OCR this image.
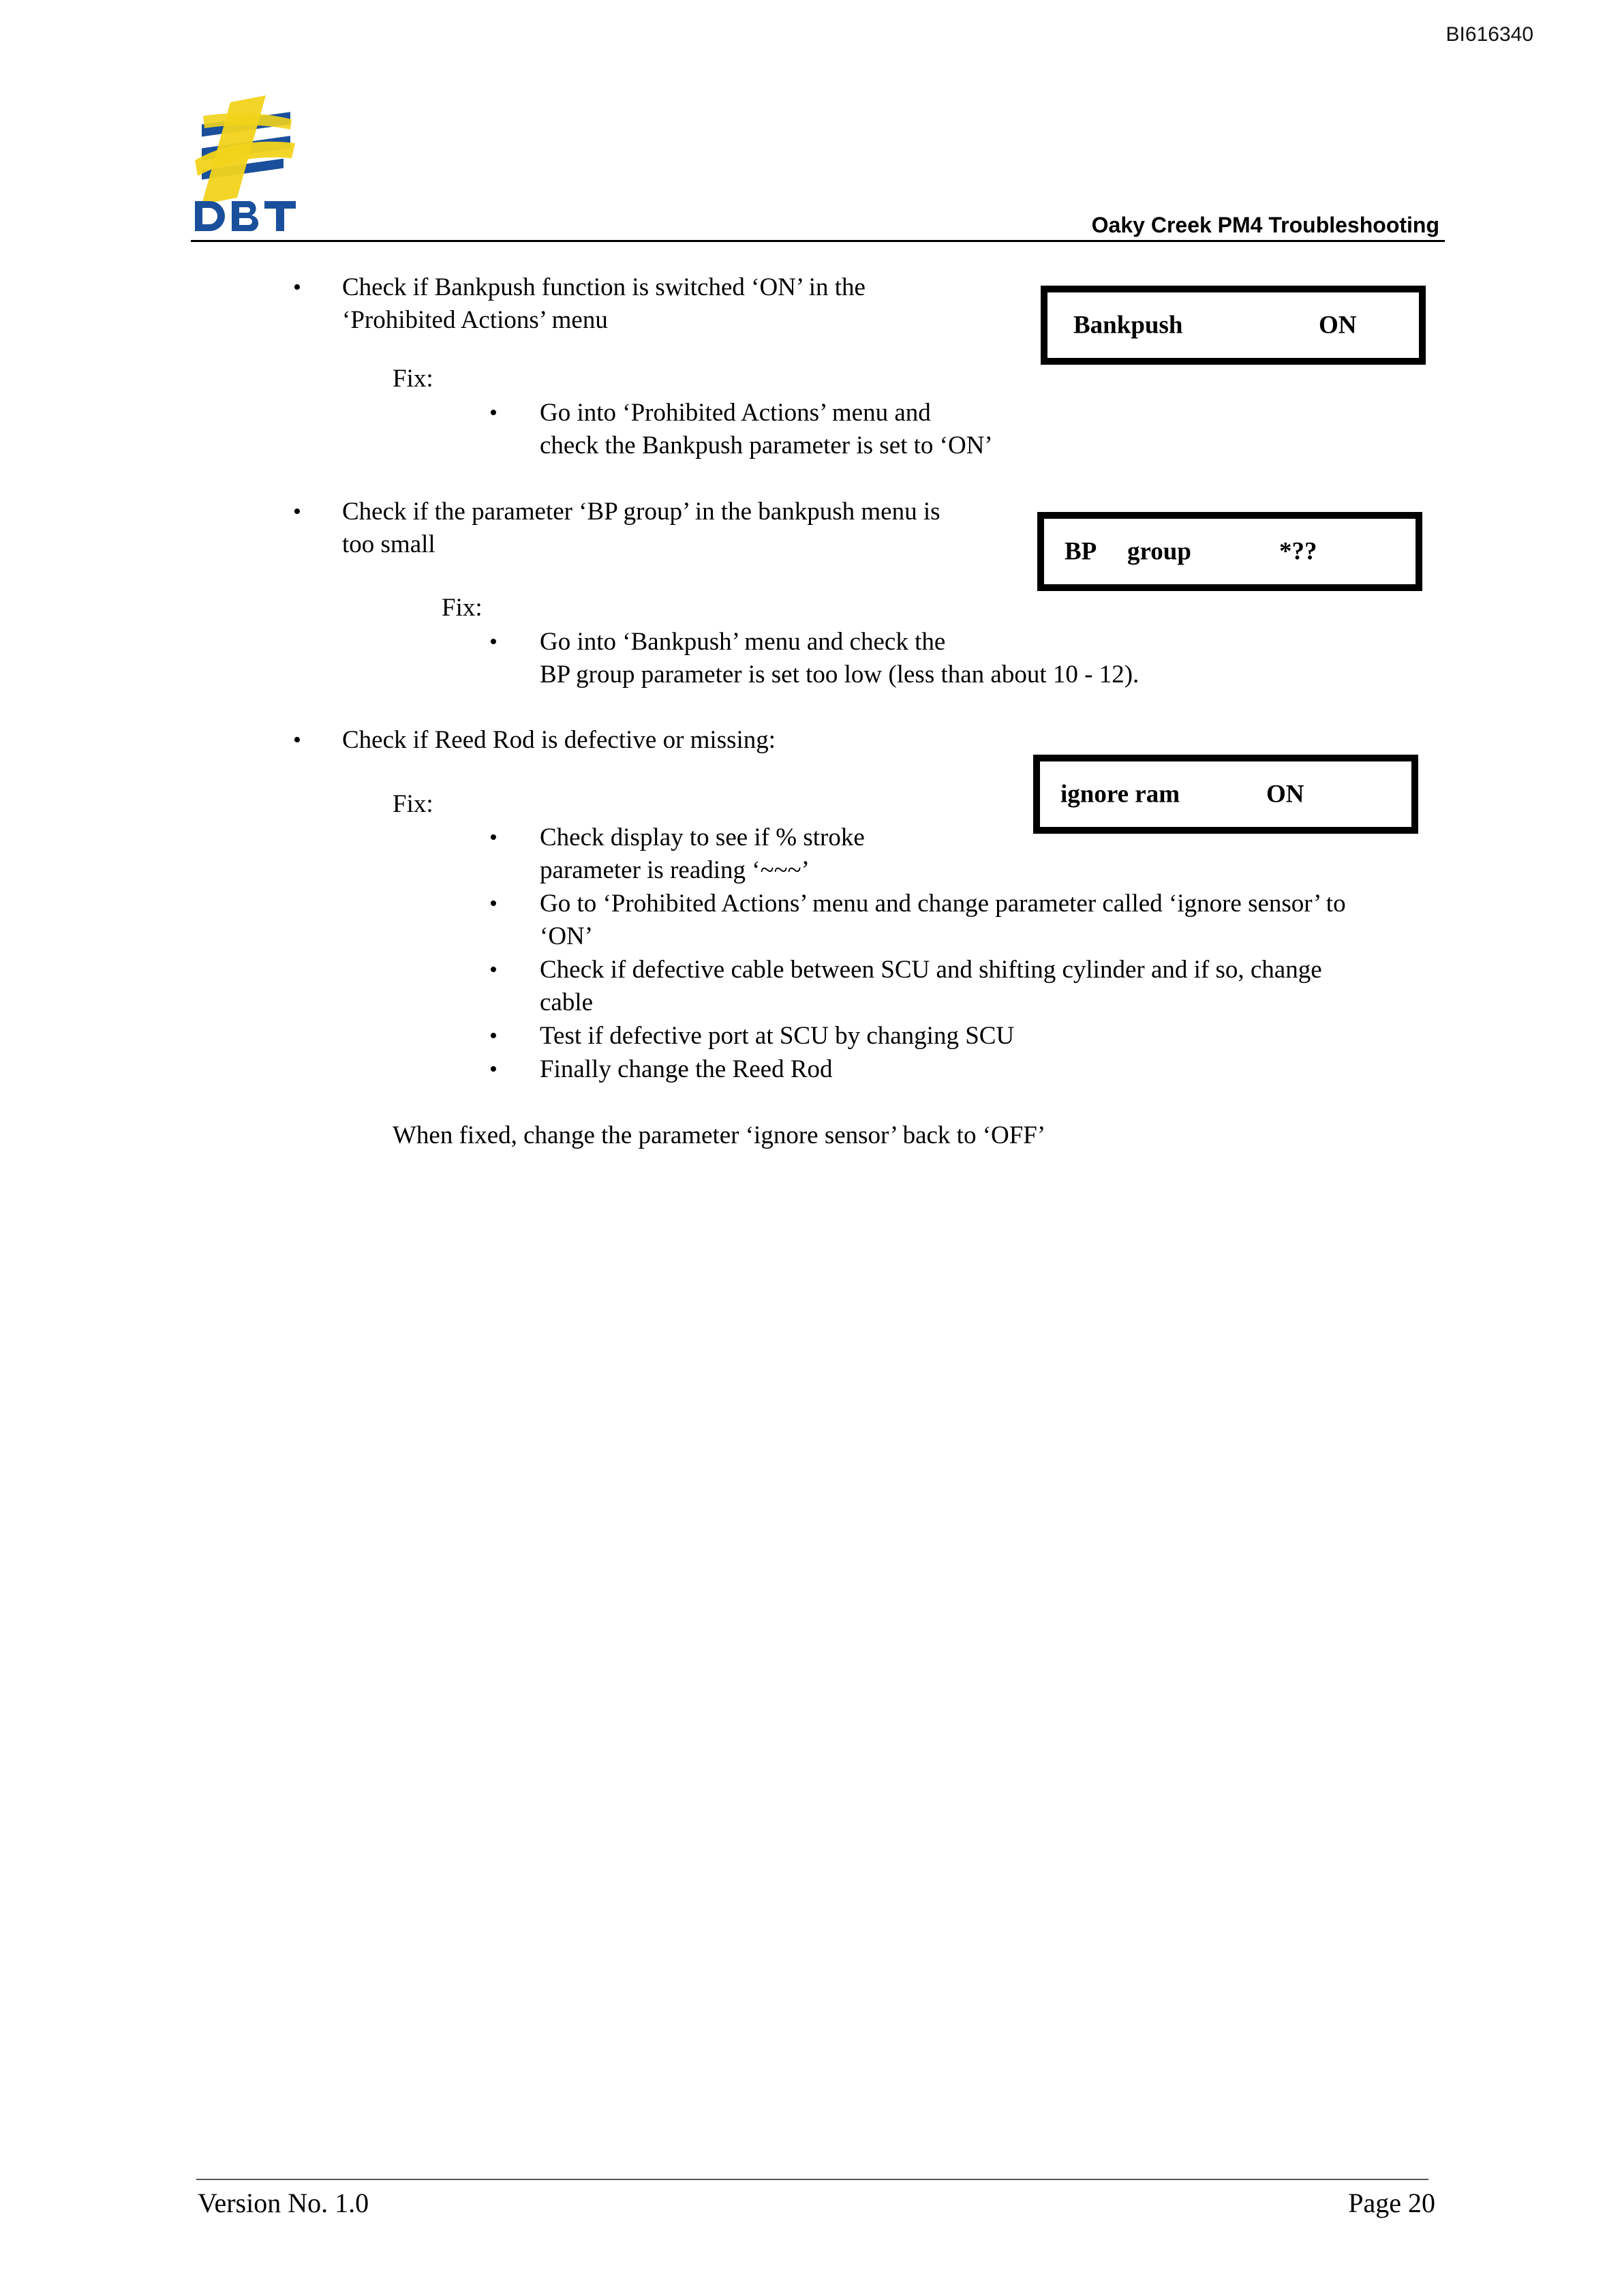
BI616340
Oaky Creek PM4 Troubleshooting
• Check if Bankpush function is switched ‘ON’ in the
‘Prohibited Actions’ menu	Bankpush	ON
Fix:
• Go into ‘Prohibited Actions’ menu and
check the Bankpush parameter is set to ‘ON’
• Check if the parameter ‘BP group’ in the bankpush menu is
too small	BP group	*??
Fix:
• Go into ‘Bankpush’ menu and check the
BP group parameter is set too low (less than about 10 - 12).
• Check if Reed Rod is defective or missing:
ignore ram	ON
Fix:
• Check display to see if % stroke
parameter is reading ‘~~~’
• Go to ‘Prohibited Actions’ menu and change parameter called ‘ignore sensor’ to
‘ON’
• Check if defective cable between SCU and shifting cylinder and if so, change
cable
• Test if defective port at SCU by changing SCU
• Finally change the Reed Rod
When fixed, change the parameter ‘ignore sensor’ back to ‘OFF’
Version No. 1.0	Page 20
